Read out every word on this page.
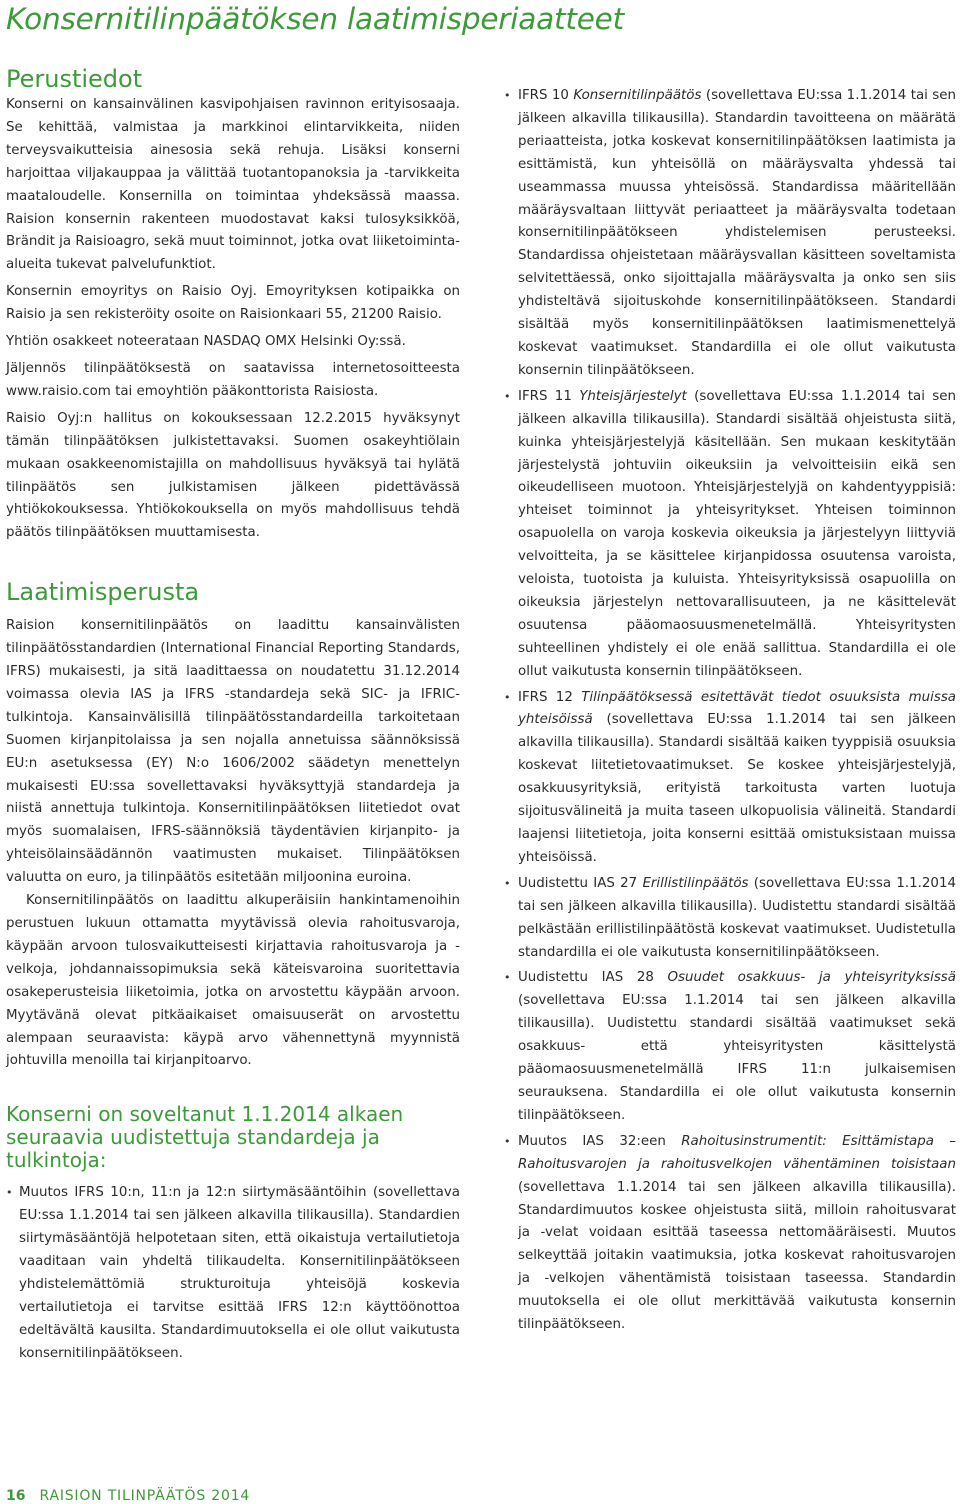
Konsernitilinpäätöksen laatimisperiaatteet
Perustiedot

Konserni on kansainvälinen kasvipohjaisen ravinnon erityisosaaja. Se kehittää, valmistaa ja markkinoi elintarvikkeita, niiden terveysvaikutteisia ainesosia sekä rehuja. Lisäksi konserni harjoittaa viljakauppaa ja välittää tuotantopanoksia ja -tarvikkeita maataloudelle. Konsernilla on toimintaa yhdeksässä maassa. Raision konsernin rakenteen muodostavat kaksi tulosyksikköä, Brändit ja Raisioagro, sekä muut toiminnot, jotka ovat liiketoiminta-alueita tukevat palvelufunktiot.

Konsernin emoyritys on Raisio Oyj. Emoyrityksen kotipaikka on Raisio ja sen rekisteröity osoite on Raisionkaari 55, 21200 Raisio.

Yhtiön osakkeet noteerataan NASDAQ OMX Helsinki Oy:ssä.

Jäljennös tilinpäätöksestä on saatavissa internetosoitteesta www.raisio.com tai emoyhtiön pääkonttorista Raisiosta.

Raisio Oyj:n hallitus on kokouksessaan 12.2.2015 hyväksynyt tämän tilinpäätöksen julkistettavaksi. Suomen osakeyhtiölain mukaan osakkeenomistajilla on mahdollisuus hyväksyä tai hylätä tilinpäätös sen julkistamisen jälkeen pidettävässä yhtiökokouksessa. Yhtiökokouksella on myös mahdollisuus tehdä päätös tilinpäätöksen muuttamisesta.

Laatimisperusta

Raision konsernitilinpäätös on laadittu kansainvälisten tilinpäätösstandardien (International Financial Reporting Standards, IFRS) mukaisesti, ja sitä laadittaessa on noudatettu 31.12.2014 voimassa olevia IAS ja IFRS -standardeja sekä SIC- ja IFRIC-tulkintoja. Kansainvälisillä tilinpäätösstandardeilla tarkoitetaan Suomen kirjanpitolaissa ja sen nojalla annetuissa säännöksissä EU:n asetuksessa (EY) N:o 1606/2002 säädetyn menettelyn mukaisesti EU:ssa sovellettavaksi hyväksyttyjä standardeja ja niistä annettuja tulkintoja. Konsernitilinpäätöksen liitetiedot ovat myös suomalaisen, IFRS-säännöksiä täydentävien kirjanpito- ja yhteisölainsäädännön vaatimusten mukaiset. Tilinpäätöksen valuutta on euro, ja tilinpäätös esitetään miljoonina euroina.

Konsernitilinpäätös on laadittu alkuperäisiin hankintamenoihin perustuen lukuun ottamatta myytävissä olevia rahoitusvaroja, käypään arvoon tulosvaikutteisesti kirjattavia rahoitusvaroja ja -velkoja, johdannaissopimuksia sekä käteisvaroina suoritettavia osakeperusteisia liiketoimia, jotka on arvostettu käypään arvoon. Myytävänä olevat pitkäaikaiset omaisuuserät on arvostettu alempaan seuraavista: käypä arvo vähennettynä myynnistä johtuvilla menoilla tai kirjanpitoarvo.

Konserni on soveltanut 1.1.2014 alkaen seuraavia uudistettuja standardeja ja tulkintoja:
• Muutos IFRS 10:n, 11:n ja 12:n siirtymäsääntöihin (sovellettava EU:ssa 1.1.2014 tai sen jälkeen alkavilla tilikausilla). Standardien siirtymäsääntöjä helpotetaan siten, että oikaistuja vertailutietoja vaaditaan vain yhdeltä tilikaudelta. Konsernitilinpäätökseen yhdistelemättömiä strukturoituja yhteisöjä koskevia vertailutietoja ei tarvitse esittää IFRS 12:n käyttöönottoa edeltävältä kausilta. Standardimuutoksella ei ole ollut vaikutusta konsernitilinpäätökseen.
• IFRS 10 Konsernitilinpäätös (sovellettava EU:ssa 1.1.2014 tai sen jälkeen alkavilla tilikausilla). Standardin tavoitteena on määrätä periaatteista, jotka koskevat konsernitilinpäätöksen laatimista ja esittämistä, kun yhteisöllä on määräysvalta yhdessä tai useammassa muussa yhteisössä. Standardissa määritellään määräysvaltaan liittyvät periaatteet ja määräysvalta todetaan konsernitilinpäätökseen yhdistelemisen perusteeksi. Standardissa ohjeistetaan määräysvallan käsitteen soveltamista selvitettäessä, onko sijoittajalla määräysvalta ja onko sen siis yhdisteltävä sijoituskohde konsernitilinpäätökseen. Standardi sisältää myös konsernitilinpäätöksen laatimismenettelyä koskevat vaatimukset. Standardilla ei ole ollut vaikutusta konsernin tilinpäätökseen.
• IFRS 11 Yhteisjärjestelyt (sovellettava EU:ssa 1.1.2014 tai sen jälkeen alkavilla tilikausilla). Standardi sisältää ohjeistusta siitä, kuinka yhteisjärjestelyjä käsitellään. Sen mukaan keskitytään järjestelystä johtuviin oikeuksiin ja velvoitteisiin eikä sen oikeudelliseen muotoon. Yhteisjärjestelyjä on kahdentyyppisiä: yhteiset toiminnot ja yhteisyritykset. Yhteisen toiminnon osapuolella on varoja koskevia oikeuksia ja järjestelyyn liittyviä velvoitteita, ja se käsittelee kirjanpidossa osuutensa varoista, veloista, tuotoista ja kuluista. Yhteisyrityksissä osapuolilla on oikeuksia järjestelyn nettovarallisuuteen, ja ne käsittelevät osuutensa pääomaosuusmenetelmällä. Yhteisyritysten suhteellinen yhdistely ei ole enää sallittua. Standardilla ei ole ollut vaikutusta konsernin tilinpäätökseen.
• IFRS 12 Tilinpäätöksessä esitettävät tiedot osuuksista muissa yhteisöissä (sovellettava EU:ssa 1.1.2014 tai sen jälkeen alkavilla tilikausilla). Standardi sisältää kaiken tyyppisiä osuuksia koskevat liitetietovaatimukset. Se koskee yhteisjärjestelyjä, osakkuusyrityksiä, erityistä tarkoitusta varten luotuja sijoitusvälineitä ja muita taseen ulkopuolisia välineitä. Standardi laajensi liitetietoja, joita konserni esittää omistuksistaan muissa yhteisöissä.
• Uudistettu IAS 27 Erillistilinpäätös (sovellettava EU:ssa 1.1.2014 tai sen jälkeen alkavilla tilikausilla). Uudistettu standardi sisältää pelkästään erillistilinpäätöstä koskevat vaatimukset. Uudistetulla standardilla ei ole vaikutusta konsernitilinpäätökseen.
• Uudistettu IAS 28 Osuudet osakkuus- ja yhteisyrityksissä (sovellettava EU:ssa 1.1.2014 tai sen jälkeen alkavilla tilikausilla). Uudistettu standardi sisältää vaatimukset sekä osakkuus- että yhteisyritysten käsittelystä pääomaosuusmenetelmällä IFRS 11:n julkaisemisen seurauksena. Standardilla ei ole ollut vaikutusta konsernin tilinpäätökseen.
• Muutos IAS 32:een Rahoitusinstrumentit: Esittämistapa – Rahoitusvarojen ja rahoitusvelkojen vähentäminen toisistaan (sovellettava 1.1.2014 tai sen jälkeen alkavilla tilikausilla). Standardimuutos koskee ohjeistusta siitä, milloin rahoitusvarat ja -velat voidaan esittää taseessa nettomääräisesti. Muutos selkeyttää joitakin vaatimuksia, jotka koskevat rahoitusvarojen ja -velkojen vähentämistä toisistaan taseessa. Standardin muutoksella ei ole ollut merkittävää vaikutusta konsernin tilinpäätökseen.
16 RAISION TILINPÄÄTÖS 2014
